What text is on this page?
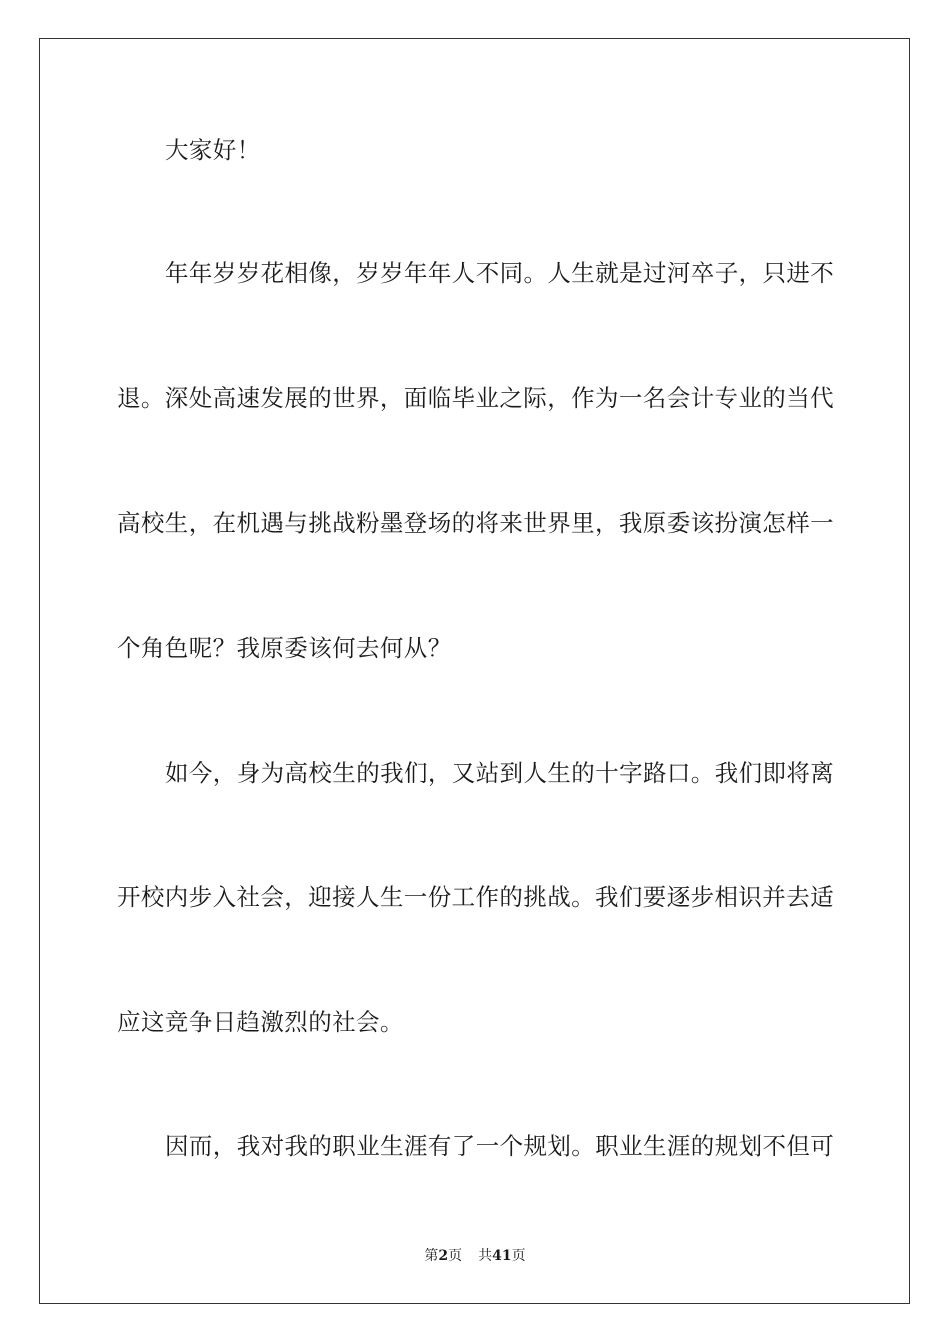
大家好！
年年岁岁花相像，岁岁年年人不同。人生就是过河卒子，只进不
退。深处高速发展的世界，面临毕业之际，作为一名会计专业的当代
高校生，在机遇与挑战粉墨登场的将来世界里，我原委该扮演怎样一
个角色呢？我原委该何去何从？
如今，身为高校生的我们，又站到人生的十字路口。我们即将离
开校内步入社会，迎接人生一份工作的挑战。我们要逐步相识并去适
应这竞争日趋激烈的社会。
因而，我对我的职业生涯有了一个规划。职业生涯的规划不但可
第2页 共41页
